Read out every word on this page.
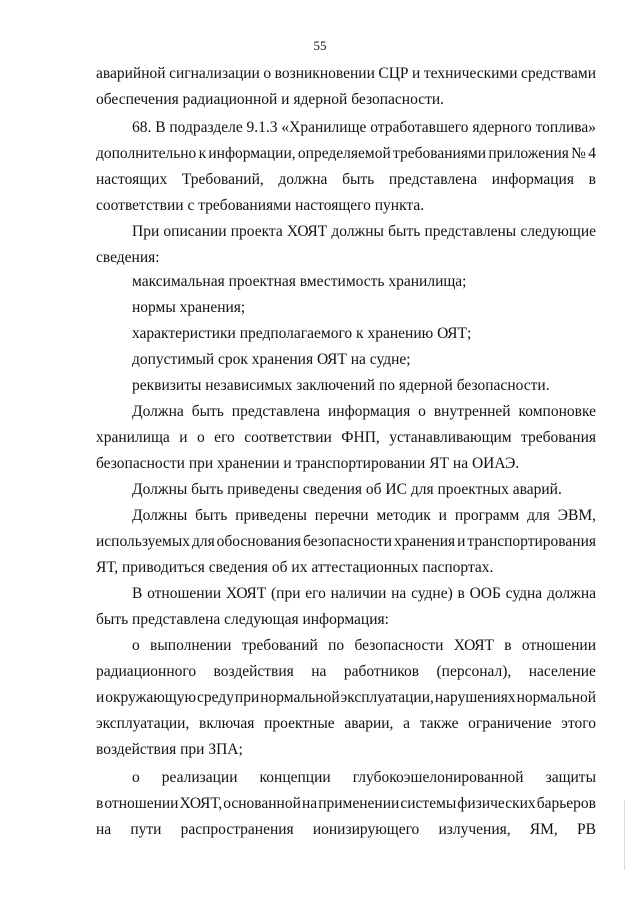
55
аварийной сигнализации о возникновении СЦР и техническими средствами
обеспечения радиационной и ядерной безопасности.
68. В подразделе 9.1.3 «Хранилище отработавшего ядерного топлива»
дополнительно к информации, определяемой требованиями приложения № 4
настоящих Требований, должна быть представлена информация в
соответствии с требованиями настоящего пункта.
При описании проекта ХОЯТ должны быть представлены следующие
сведения:
максимальная проектная вместимость хранилища;
нормы хранения;
характеристики предполагаемого к хранению ОЯТ;
допустимый срок хранения ОЯТ на судне;
реквизиты независимых заключений по ядерной безопасности.
Должна быть представлена информация о внутренней компоновке
хранилища и о его соответствии ФНП, устанавливающим требования
безопасности при хранении и транспортировании ЯТ на ОИАЭ.
Должны быть приведены сведения об ИС для проектных аварий.
Должны быть приведены перечни методик и программ для ЭВМ,
используемых для обоснования безопасности хранения и транспортирования
ЯТ, приводиться сведения об их аттестационных паспортах.
В отношении ХОЯТ (при его наличии на судне) в ООБ судна должна
быть представлена следующая информация:
о выполнении требований по безопасности ХОЯТ в отношении
радиационного воздействия на работников (персонал), население
и окружающую среду при нормальной эксплуатации, нарушениях нормальной
эксплуатации, включая проектные аварии, а также ограничение этого
воздействия при ЗПА;
о реализации концепции глубокоэшелонированной защиты
в отношении ХОЯТ, основанной на применении системы физических барьеров
на пути распространения ионизирующего излучения, ЯМ, РВ
